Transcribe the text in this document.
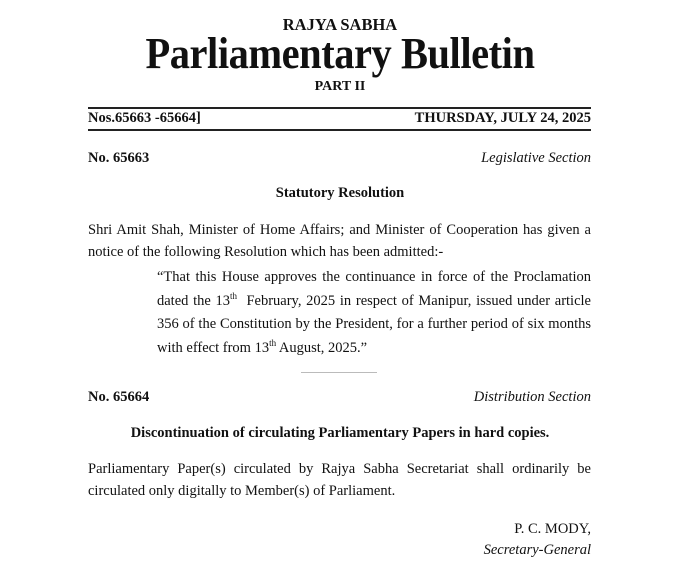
RAJYA SABHA
Parliamentary Bulletin
PART II
Nos.65663 -65664]	THURSDAY, JULY 24, 2025
No. 65663	Legislative Section
Statutory Resolution
Shri Amit Shah, Minister of Home Affairs; and Minister of Cooperation has given a notice of the following Resolution which has been admitted:-
“That this House approves the continuance in force of the Proclamation dated the 13th  February, 2025 in respect of Manipur, issued under article 356 of the Constitution by the President, for a further period of six months with effect from 13th August, 2025.”
No. 65664	Distribution Section
Discontinuation of circulating Parliamentary Papers in hard copies.
Parliamentary Paper(s) circulated by Rajya Sabha Secretariat shall ordinarily be circulated only digitally to Member(s) of Parliament.
P. C. MODY,
Secretary-General
